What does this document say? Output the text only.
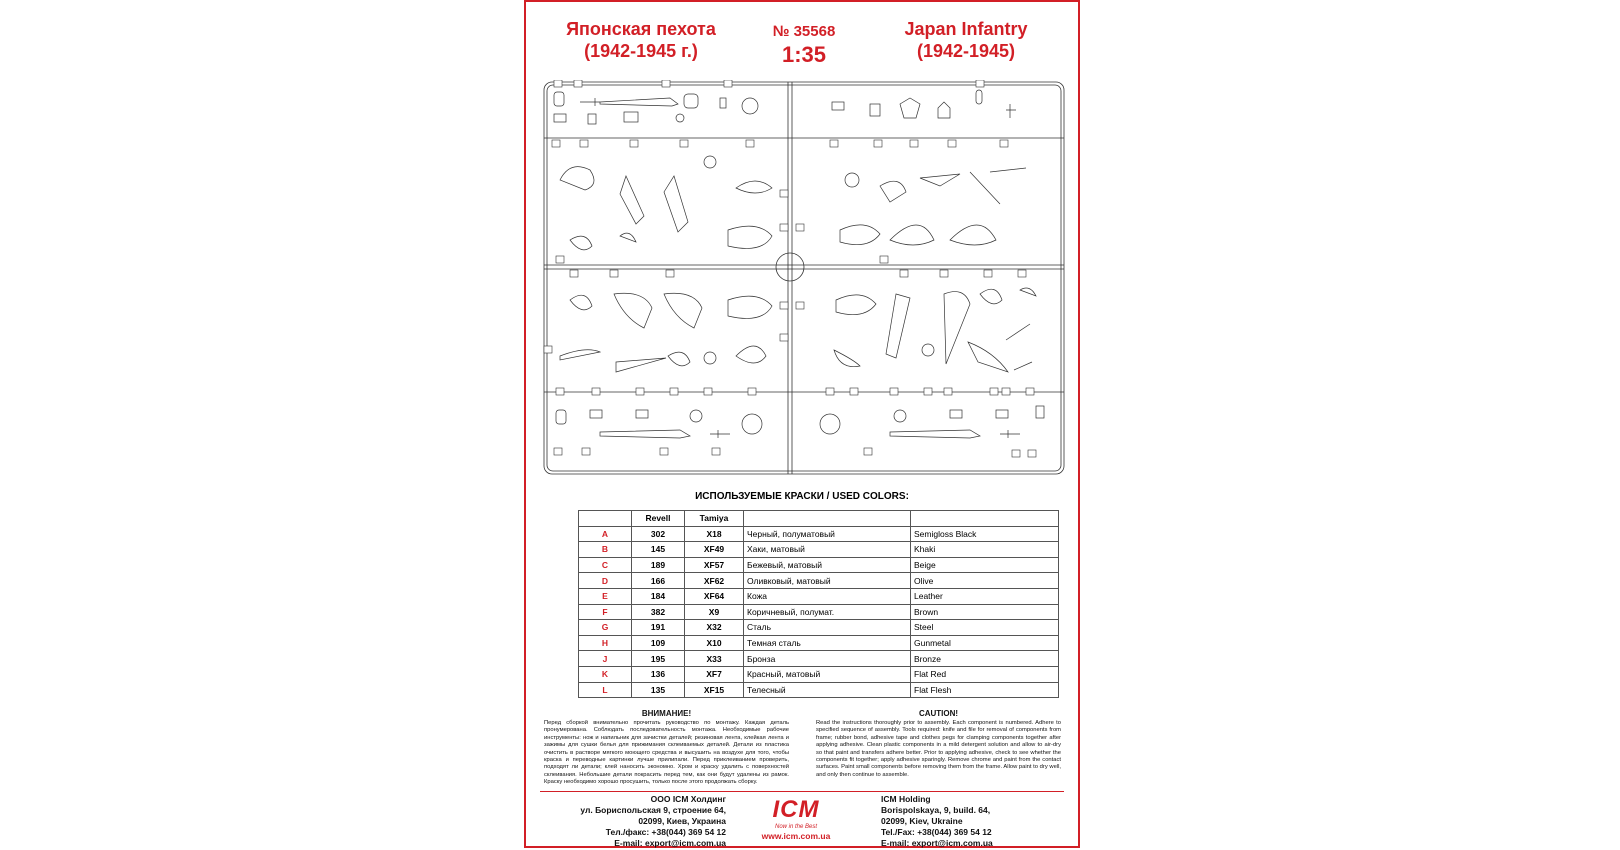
Японская пехота
(1942-1945 г.)
№ 35568
1:35
Japan Infantry
(1942-1945)
ИСПОЛЬЗУЕМЫЕ КРАСКИ / USED COLORS:
	Revell	Tamiya		
A	302	X18	Черный, полуматовый	Semigloss Black
B	145	XF49	Хаки, матовый	Khaki
C	189	XF57	Бежевый, матовый	Beige
D	166	XF62	Оливковый, матовый	Olive
E	184	XF64	Кожа	Leather
F	382	X9	Коричневый, полумат.	Brown
G	191	X32	Сталь	Steel
H	109	X10	Темная сталь	Gunmetal
J	195	X33	Бронза	Bronze
K	136	XF7	Красный, матовый	Flat Red
L	135	XF15	Телесный	Flat Flesh
ВНИМАНИЕ!
Перед сборкой внимательно прочитать руководство по монтажу. Каждая деталь пронумерована. Соблюдать последовательность монтажа. Необходимые рабочие инструменты: нож и напильник для зачистки деталей; резиновая лента, клейкая лента и зажимы для сушки белья для прижимания склеиваемых деталей. Детали из пластика очистить в растворе мягкого моющего средства и высушить на воздухе для того, чтобы краска и переводные картинки лучше прилипали. Перед приклеиванием проверить, подходят ли детали; клей наносить экономно. Хром и краску удалить с поверхностей склеивания. Небольшие детали покрасить перед тем, как они будут удалены из рамок. Краску необходимо хорошо просушить, только после этого продолжать сборку.
CAUTION!
Read the instructions thoroughly prior to assembly. Each component is numbered. Adhere to specified sequence of assembly. Tools required: knife and file for removal of components from frame; rubber bond, adhesive tape and clothes pegs for clamping components together after applying adhesive. Clean plastic components in a mild detergent solution and allow to air-dry so that paint and transfers adhere better. Prior to applying adhesive, check to see whether the components fit together; apply adhesive sparingly. Remove chrome and paint from the contact surfaces. Paint small components before removing them from the frame. Allow paint to dry well, and only then continue to assemble.
ООО ICM Холдинг
ул. Бориспольская 9, строение 64,
02099, Киев, Украина
Тел./факс: +38(044) 369 54 12
E-mail: export@icm.com.ua
ICM
Now in the Best
www.icm.com.ua
ICM Holding
Borispolskaya, 9, build. 64,
02099, Kiev, Ukraine
Tel./Fax: +38(044) 369 54 12
E-mail: export@icm.com.ua
